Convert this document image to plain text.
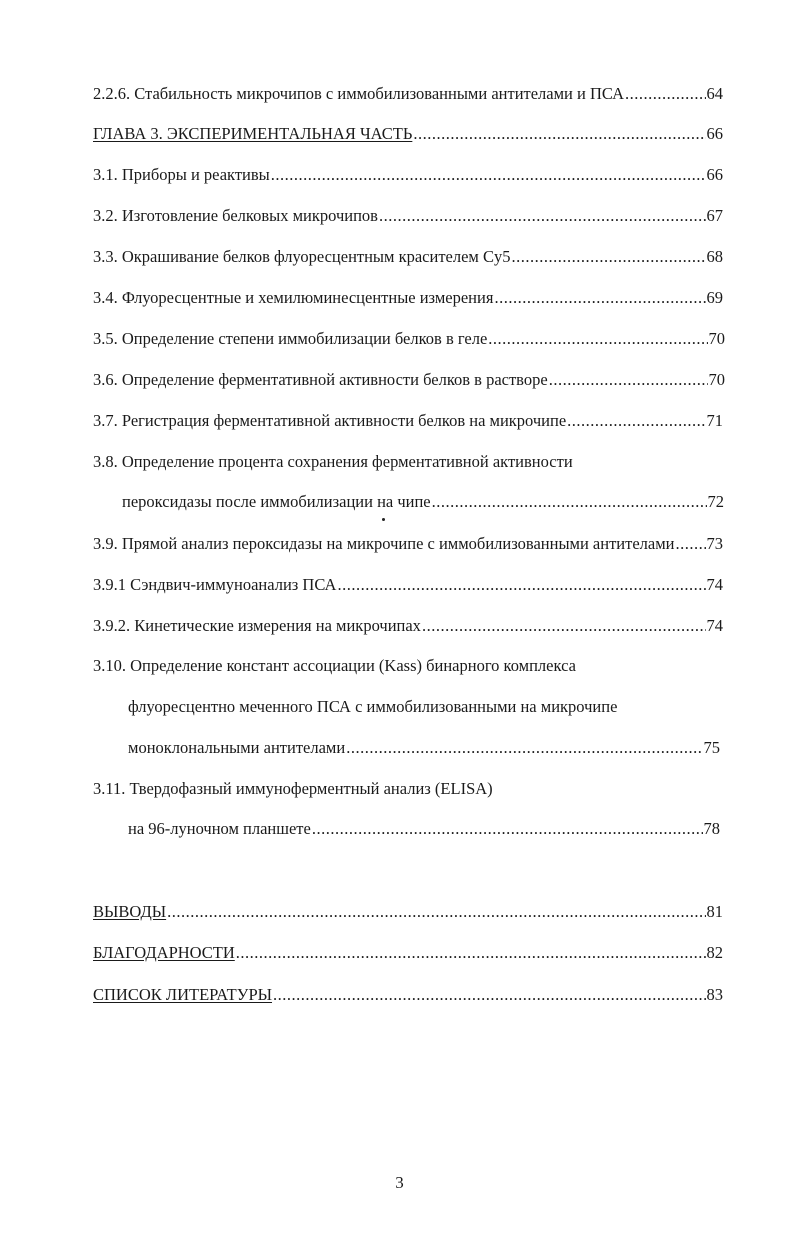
2.2.6. Стабильность микрочипов с иммобилизованными антителами и ПСА .....	64
ГЛАВА 3. ЭКСПЕРИМЕНТАЛЬНАЯ ЧАСТЬ .....	66
3.1. Приборы и реактивы .....	66
3.2. Изготовление белковых микрочипов .....	67
3.3. Окрашивание белков флуоресцентным красителем Cy5 .....	68
3.4. Флуоресцентные и хемилюминесцентные измерения .....	69
3.5. Определение степени иммобилизации белков в геле .....	70
3.6. Определение ферментативной активности белков в растворе .....	70
3.7. Регистрация ферментативной активности белков на микрочипе .....	71
3.8. Определение процента сохранения ферментативной активности
пероксидазы после иммобилизации на чипе .....	72
3.9. Прямой анализ пероксидазы на микрочипе с иммобилизованными антителами ..... 73
3.9.1 Сэндвич-иммуноанализ ПСА .....	74
3.9.2. Кинетические измерения на микрочипах .....	74
3.10. Определение констант ассоциации (Kass) бинарного комплекса
флуоресцентно меченного ПСА с иммобилизованными на микрочипе
моноклональными антителами .....	75
3.11. Твердофазный иммуноферментный анализ (ELISA)
на 96-луночном планшете .....	78
ВЫВОДЫ .....	81
БЛАГОДАРНОСТИ .....	82
СПИСОК ЛИТЕРАТУРЫ .....	83
3
